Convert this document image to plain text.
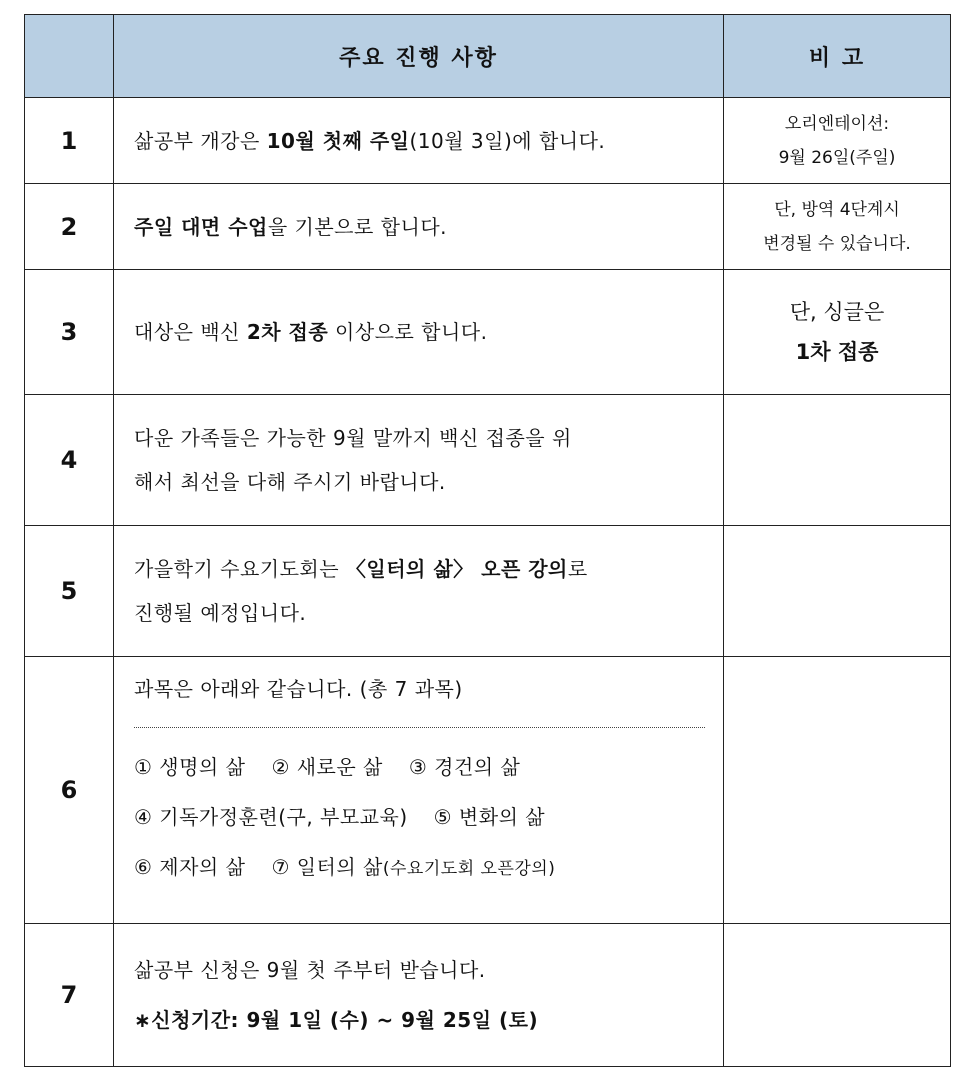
	주요 진행 사항	비 고
1	삶공부 개강은 10월 첫째 주일(10월 3일)에 합니다.	오리엔테이션:
9월 26일(주일)

2	주일 대면 수업을 기본으로 합니다.	단, 방역 4단계시
변경될 수 있습니다.

3	대상은 백신 2차 접종 이상으로 합니다.	단, 싱글은
1차 접종

4	다운 가족들은 가능한 9월 말까지 백신 접종을 위
해서 최선을 다해 주시기 바랍니다.	

5	가을학기 수요기도회는 〈일터의 삶〉 오픈 강의로
진행될 예정입니다.	

6	과목은 아래와 같습니다. (총 7 과목)
① 생명의 삶 ② 새로운 삶 ③ 경건의 삶
④ 기독가정훈련(구, 부모교육) ⑤ 변화의 삶
⑥ 제자의 삶 ⑦ 일터의 삶(수요기도회 오픈강의)	

7	삶공부 신청은 9월 첫 주부터 받습니다.
∗신청기간: 9월 1일 (수) ~ 9월 25일 (토)	
